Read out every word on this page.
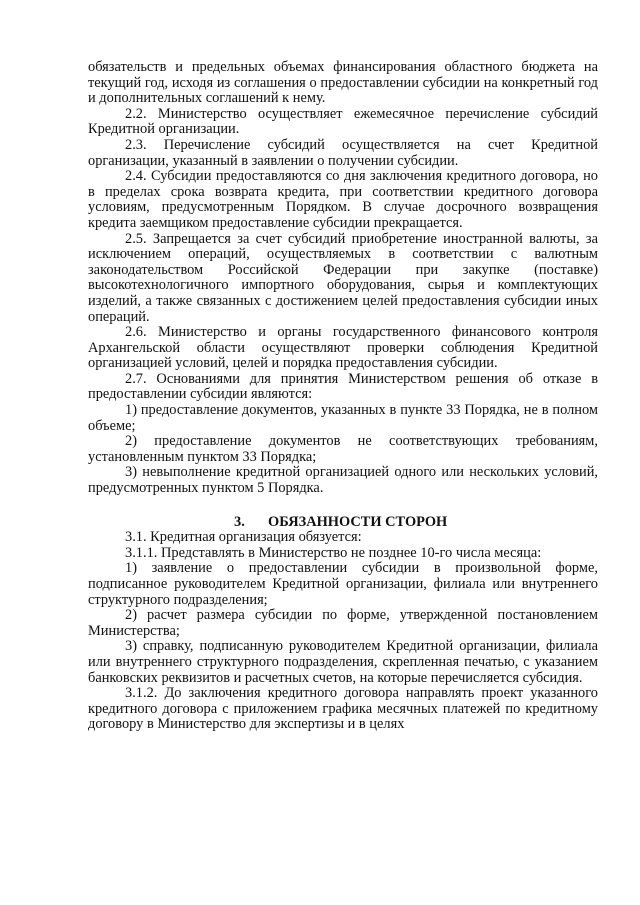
обязательств и предельных объемах финансирования областного бюджета на текущий год, исходя из соглашения о предоставлении субсидии на конкретный год и дополнительных соглашений к нему.

2.2. Министерство осуществляет ежемесячное перечисление субсидий Кредитной организации.

2.3. Перечисление субсидий осуществляется на счет Кредитной организации, указанный в заявлении о получении субсидии.

2.4. Субсидии предоставляются со дня заключения кредитного договора, но в пределах срока возврата кредита, при соответствии кредитного договора условиям, предусмотренным Порядком. В случае досрочного возвращения кредита заемщиком предоставление субсидии прекращается.

2.5. Запрещается за счет субсидий приобретение иностранной валюты, за исключением операций, осуществляемых в соответствии с валютным законодательством Российской Федерации при закупке (поставке) высокотехнологичного импортного оборудования, сырья и комплектующих изделий, а также связанных с достижением целей предоставления субсидии иных операций.

2.6. Министерство и органы государственного финансового контроля Архангельской области осуществляют проверки соблюдения Кредитной организацией условий, целей и порядка предоставления субсидии.

2.7. Основаниями для принятия Министерством решения об отказе в предоставлении субсидии являются:

1) предоставление документов, указанных в пункте 33 Порядка, не в полном объеме;

2) предоставление документов не соответствующих требованиям, установленным пунктом 33 Порядка;

3) невыполнение кредитной организацией одного или нескольких условий, предусмотренных пунктом 5 Порядка.

3. ОБЯЗАННОСТИ СТОРОН

3.1. Кредитная организация обязуется:

3.1.1. Представлять в Министерство не позднее 10-го числа месяца:

1) заявление о предоставлении субсидии в произвольной форме, подписанное руководителем Кредитной организации, филиала или внутреннего структурного подразделения;

2) расчет размера субсидии по форме, утвержденной постановлением Министерства;

3) справку, подписанную руководителем Кредитной организации, филиала или внутреннего структурного подразделения, скрепленная печатью, с указанием банковских реквизитов и расчетных счетов, на которые перечисляется субсидия.

3.1.2. До заключения кредитного договора направлять проект указанного кредитного договора с приложением графика месячных платежей по кредитному договору в Министерство для экспертизы и в целях
